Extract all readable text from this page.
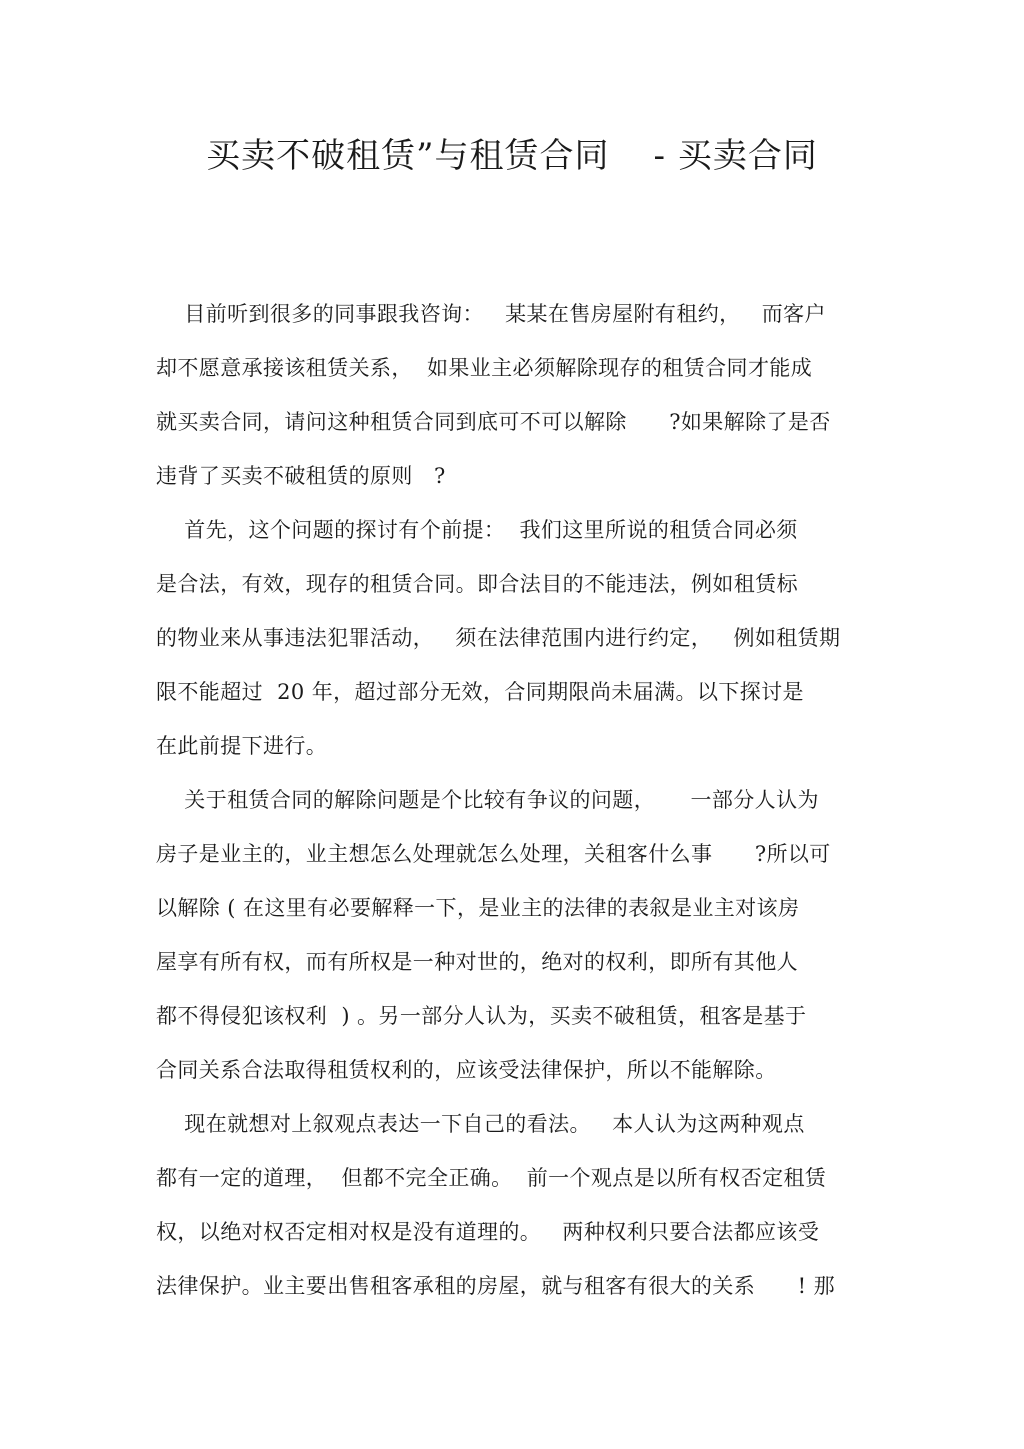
买卖不破租赁”与租赁合同 - 买卖合同
目前听到很多的同事跟我咨询：   某某在售房屋附有租约，   而客户
却不愿意承接该租赁关系，  如果业主必须解除现存的租赁合同才能成
就买卖合同，请问这种租赁合同到底可不可以解除      ?如果解除了是否
违背了买卖不破租赁的原则   ?
首先，这个问题的探讨有个前提：  我们这里所说的租赁合同必须
是合法，有效，现存的租赁合同。即合法目的不能违法，例如租赁标
的物业来从事违法犯罪活动，   须在法律范围内进行约定，   例如租赁期
限不能超过  20 年，超过部分无效，合同期限尚未届满。以下探讨是
在此前提下进行。
关于租赁合同的解除问题是个比较有争议的问题，     一部分人认为
房子是业主的，业主想怎么处理就怎么处理，关租客什么事      ?所以可
以解除 ( 在这里有必要解释一下，是业主的法律的表叙是业主对该房
屋享有所有权，而有所权是一种对世的，绝对的权利，即所有其他人
都不得侵犯该权利  ) 。另一部分人认为，买卖不破租赁，租客是基于
合同关系合法取得租赁权利的，应该受法律保护，所以不能解除。
现在就想对上叙观点表达一下自己的看法。   本人认为这两种观点
都有一定的道理，  但都不完全正确。  前一个观点是以所有权否定租赁
权，以绝对权否定相对权是没有道理的。   两种权利只要合法都应该受
法律保护。业主要出售租客承租的房屋，就与租客有很大的关系      ! 那
